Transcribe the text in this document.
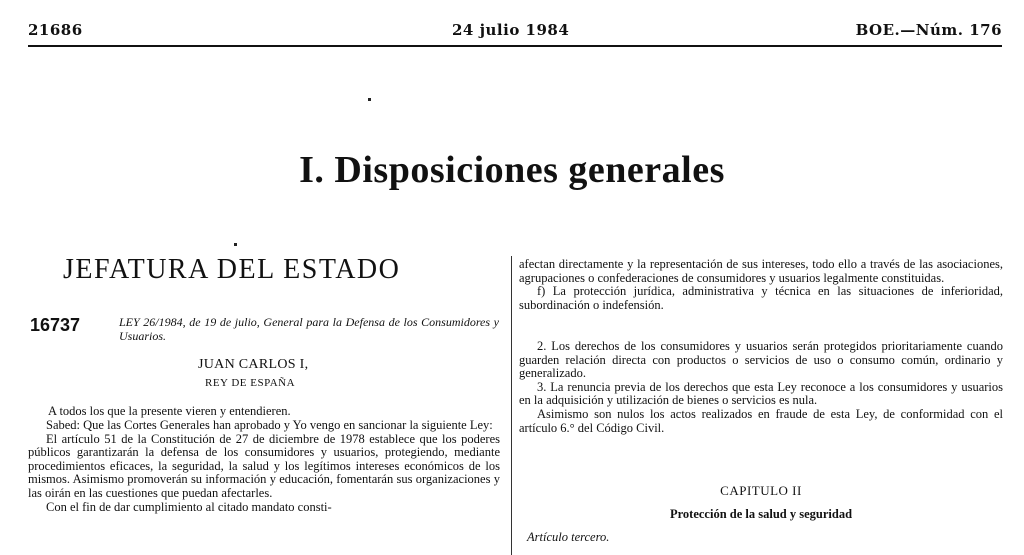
21686	24 julio 1984	BOE.—Núm. 176
I. Disposiciones generales
JEFATURA DEL ESTADO
16737	LEY 26/1984, de 19 de julio, General para la Defensa de los Consumidores y Usuarios.
JUAN CARLOS I,
REY DE ESPAÑA

A todos los que la presente vieren y entendieren.

Sabed: Que las Cortes Generales han aprobado y Yo vengo en sancionar la siguiente Ley:

El artículo 51 de la Constitución de 27 de diciembre de 1978 establece que los poderes públicos garantizarán la defensa de los consumidores y usuarios, protegiendo, mediante procedimientos eficaces, la seguridad, la salud y los legítimos intereses económicos de los mismos. Asimismo promoverán su información y educación, fomentarán sus organizaciones y las oirán en las cuestiones que puedan afectarles.

Con el fin de dar cumplimiento al citado mandato consti-

afectan directamente y la representación de sus intereses, todo ello a través de las asociaciones, agrupaciones o confederaciones de consumidores y usuarios legalmente constituidas.

f) La protección jurídica, administrativa y técnica en las situaciones de inferioridad, subordinación o indefensión.

2. Los derechos de los consumidores y usuarios serán protegidos prioritariamente cuando guarden relación directa con productos o servicios de uso o consumo común, ordinario y generalizado.

3. La renuncia previa de los derechos que esta Ley reconoce a los consumidores y usuarios en la adquisición y utilización de bienes o servicios es nula.

Asimismo son nulos los actos realizados en fraude de esta Ley, de conformidad con el artículo 6.° del Código Civil.

CAPITULO II
Protección de la salud y seguridad
Artículo tercero.
